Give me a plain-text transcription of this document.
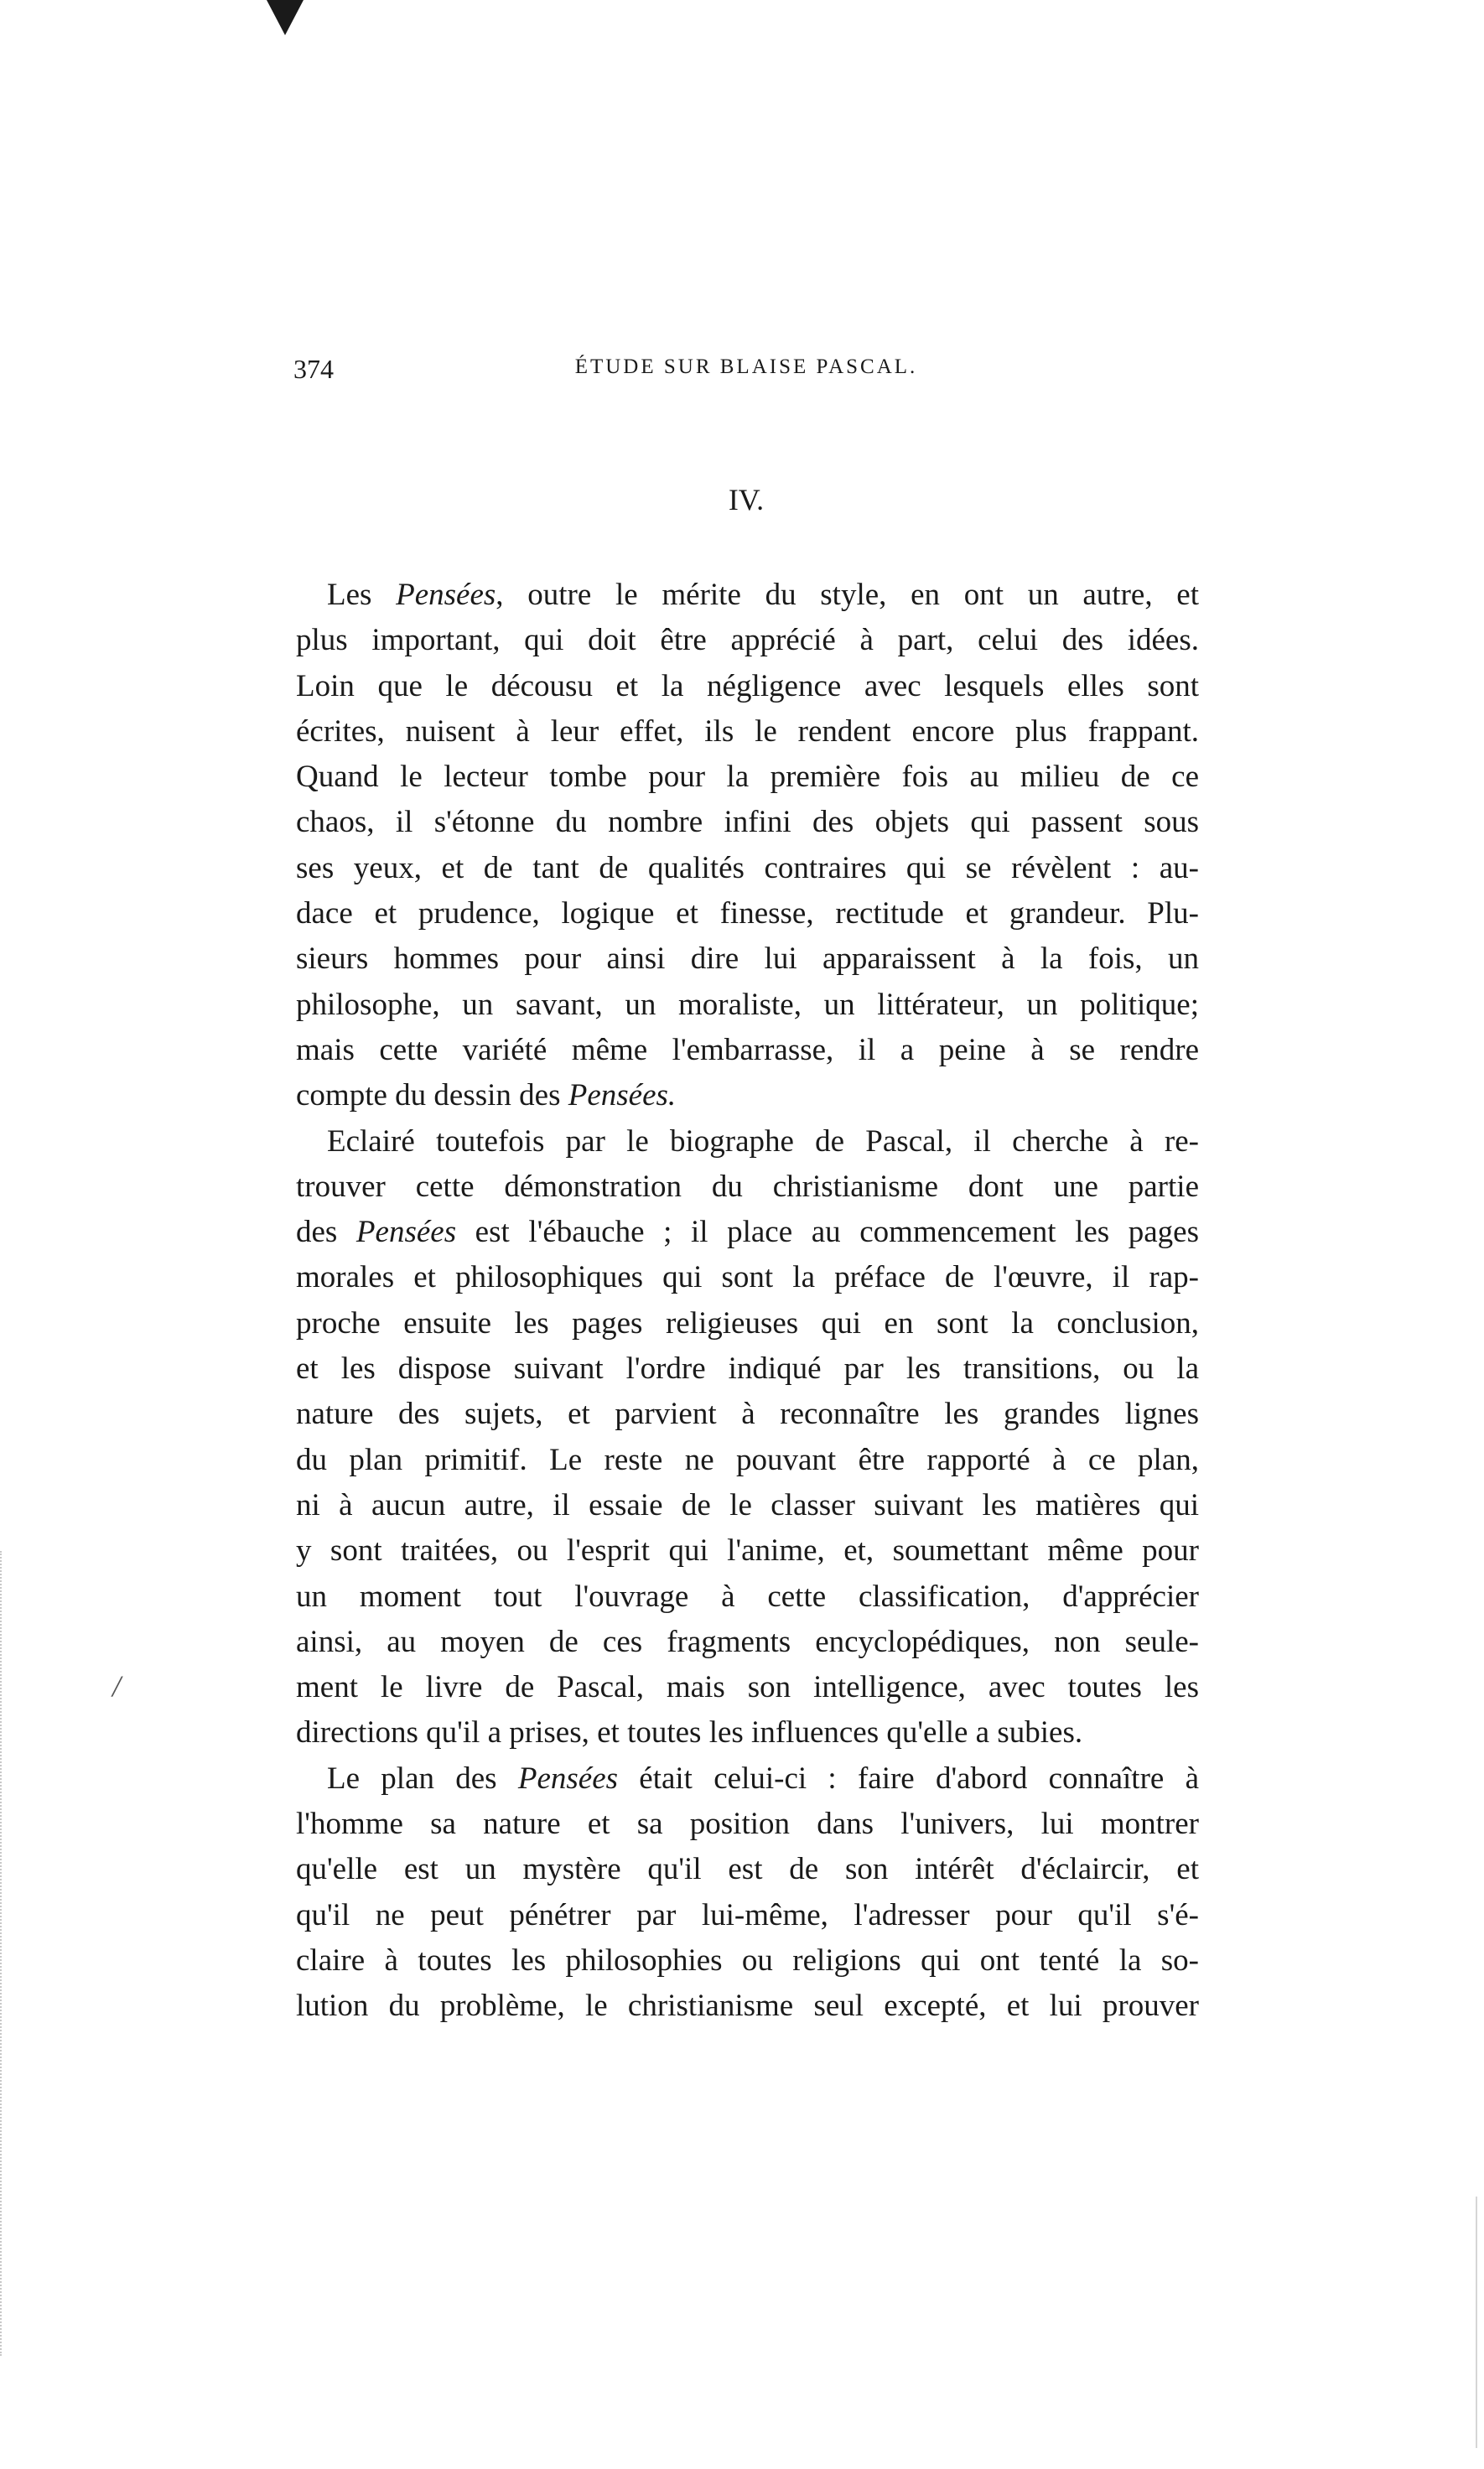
/
374	ÉTUDE SUR BLAISE PASCAL.
IV.
Les Pensées, outre le mérite du style, en ont un autre, et
plus important, qui doit être apprécié à part, celui des idées.
Loin que le décousu et la négligence avec lesquels elles sont
écrites, nuisent à leur effet, ils le rendent encore plus frappant.
Quand le lecteur tombe pour la première fois au milieu de ce
chaos, il s'étonne du nombre infini des objets qui passent sous
ses yeux, et de tant de qualités contraires qui se révèlent : au-
dace et prudence, logique et finesse, rectitude et grandeur. Plu-
sieurs hommes pour ainsi dire lui apparaissent à la fois, un
philosophe, un savant, un moraliste, un littérateur, un politique;
mais cette variété même l'embarrasse, il a peine à se rendre
compte du dessin des Pensées.
Eclairé toutefois par le biographe de Pascal, il cherche à re-
trouver cette démonstration du christianisme dont une partie
des Pensées est l'ébauche ; il place au commencement les pages
morales et philosophiques qui sont la préface de l'œuvre, il rap-
proche ensuite les pages religieuses qui en sont la conclusion,
et les dispose suivant l'ordre indiqué par les transitions, ou la
nature des sujets, et parvient à reconnaître les grandes lignes
du plan primitif. Le reste ne pouvant être rapporté à ce plan,
ni à aucun autre, il essaie de le classer suivant les matières qui
y sont traitées, ou l'esprit qui l'anime, et, soumettant même pour
un moment tout l'ouvrage à cette classification, d'apprécier
ainsi, au moyen de ces fragments encyclopédiques, non seule-
ment le livre de Pascal, mais son intelligence, avec toutes les
directions qu'il a prises, et toutes les influences qu'elle a subies.
Le plan des Pensées était celui-ci : faire d'abord connaître à
l'homme sa nature et sa position dans l'univers, lui montrer
qu'elle est un mystère qu'il est de son intérêt d'éclaircir, et
qu'il ne peut pénétrer par lui-même, l'adresser pour qu'il s'é-
claire à toutes les philosophies ou religions qui ont tenté la so-
lution du problème, le christianisme seul excepté, et lui prouver
